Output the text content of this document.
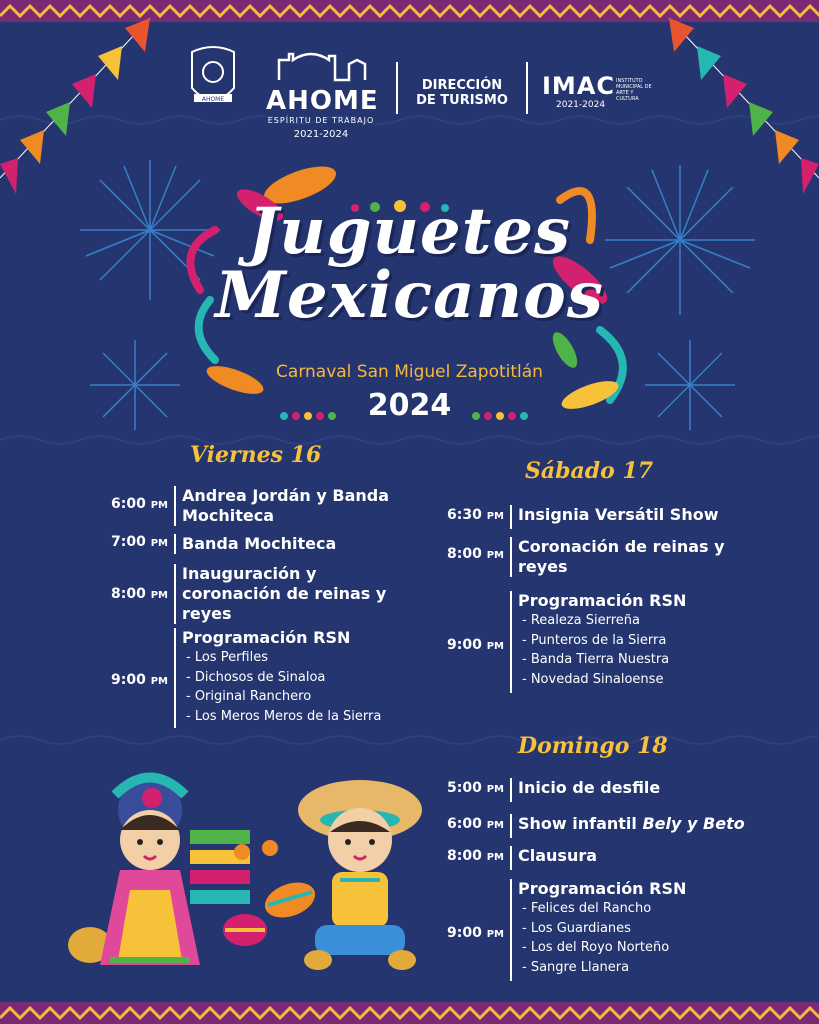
AHOME AHOME
ESPÍRITU DE TRABAJO
2021-2024
DIRECCIÓN DE TURISMO
IMAC INSTITUTO MUNICIPAL DE ARTE Y CULTURA
2021-2024
Juguetes
Mexicanos
Carnaval San Miguel Zapotitlán
2024
Viernes 16
6:00 PM
Andrea Jordán y Banda Mochiteca
7:00 PM Banda Mochiteca
8:00 PM
Inauguración y coronación de reinas y reyes
9:00 PM
Programación RSN
- Los Perfiles
- Dichosos de Sinaloa
- Original Ranchero
- Los Meros Meros de la Sierra
Sábado 17
6:30 PM Insignia Versátil Show
8:00 PM Coronación de reinas y reyes
9:00 PM
Programación RSN
- Realeza Sierreña
- Punteros de la Sierra
- Banda Tierra Nuestra
- Novedad Sinaloense
Domingo 18
5:00 PM Inicio de desfile
6:00 PM Show infantil Bely y Beto
8:00 PM Clausura
9:00 PM
Programación RSN
- Felices del Rancho
- Los Guardianes
- Los del Royo Norteño
- Sangre Llanera
